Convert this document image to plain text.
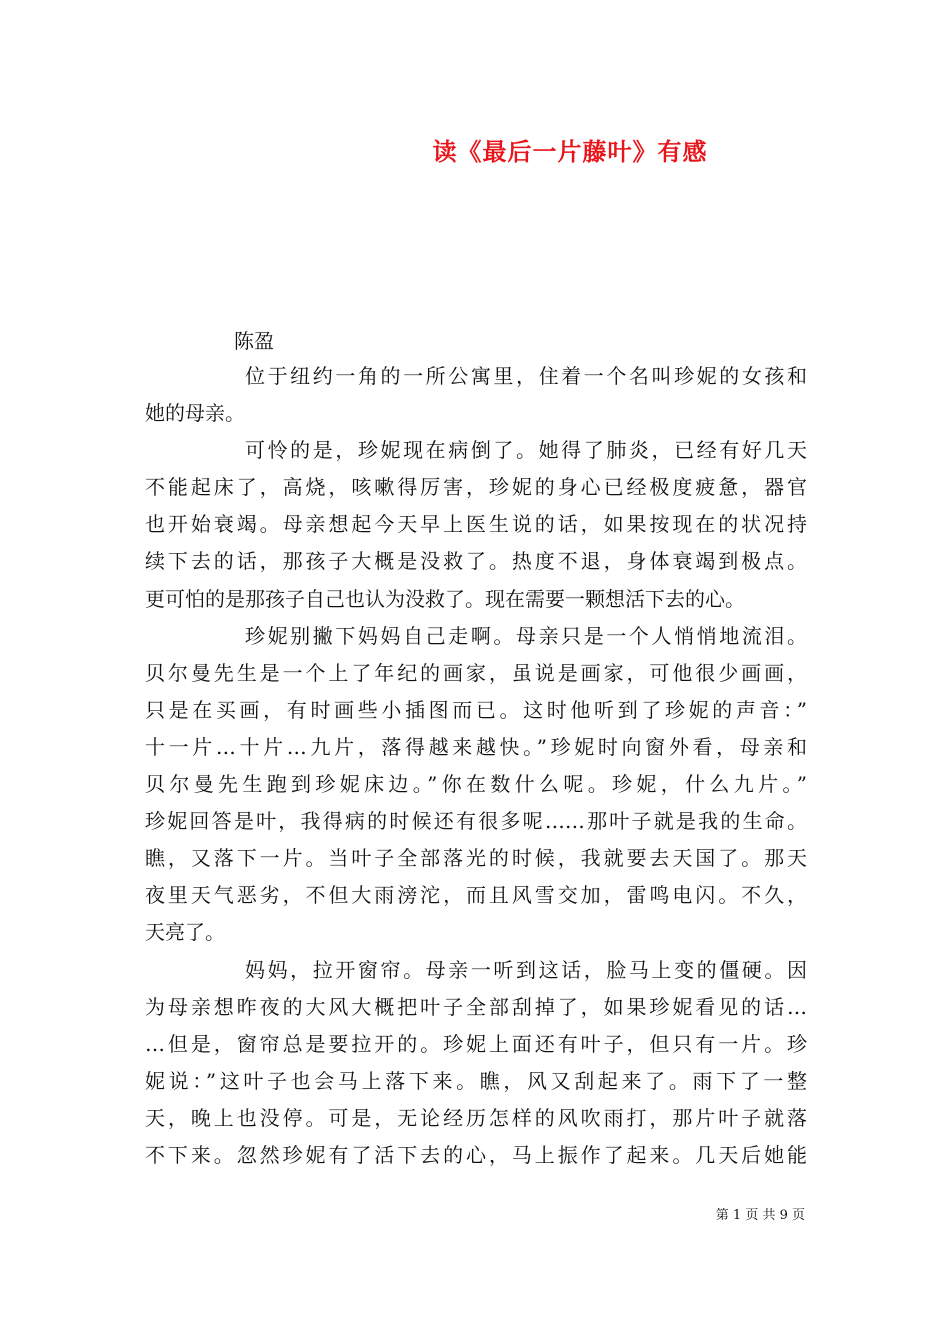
读《最后一片藤叶》有感
陈盈
位于纽约一角的一所公寓里，住着一个名叫珍妮的女孩和
她的母亲。
可怜的是，珍妮现在病倒了。她得了肺炎，已经有好几天
不能起床了，高烧，咳嗽得厉害，珍妮的身心已经极度疲惫，器官
也开始衰竭。母亲想起今天早上医生说的话，如果按现在的状况持
续下去的话，那孩子大概是没救了。热度不退，身体衰竭到极点。
更可怕的是那孩子自己也认为没救了。现在需要一颗想活下去的心。
珍妮别撇下妈妈自己走啊。母亲只是一个人悄悄地流泪。
贝尔曼先生是一个上了年纪的画家，虽说是画家，可他很少画画，
只是在买画，有时画些小插图而已。这时他听到了珍妮的声音：”
十一片…十片…九片，落得越来越快。”珍妮时向窗外看，母亲和
贝尔曼先生跑到珍妮床边。”你在数什么呢。珍妮，什么九片。”
珍妮回答是叶，我得病的时候还有很多呢……那叶子就是我的生命。
瞧，又落下一片。当叶子全部落光的时候，我就要去天国了。那天
夜里天气恶劣，不但大雨滂沱，而且风雪交加，雷鸣电闪。不久，
天亮了。
妈妈，拉开窗帘。母亲一听到这话，脸马上变的僵硬。因
为母亲想昨夜的大风大概把叶子全部刮掉了，如果珍妮看见的话…
…但是，窗帘总是要拉开的。珍妮上面还有叶子，但只有一片。珍
妮说：”这叶子也会马上落下来。瞧，风又刮起来了。雨下了一整
天，晚上也没停。可是，无论经历怎样的风吹雨打，那片叶子就落
不下来。忽然珍妮有了活下去的心，马上振作了起来。几天后她能
第 1 页 共 9 页
